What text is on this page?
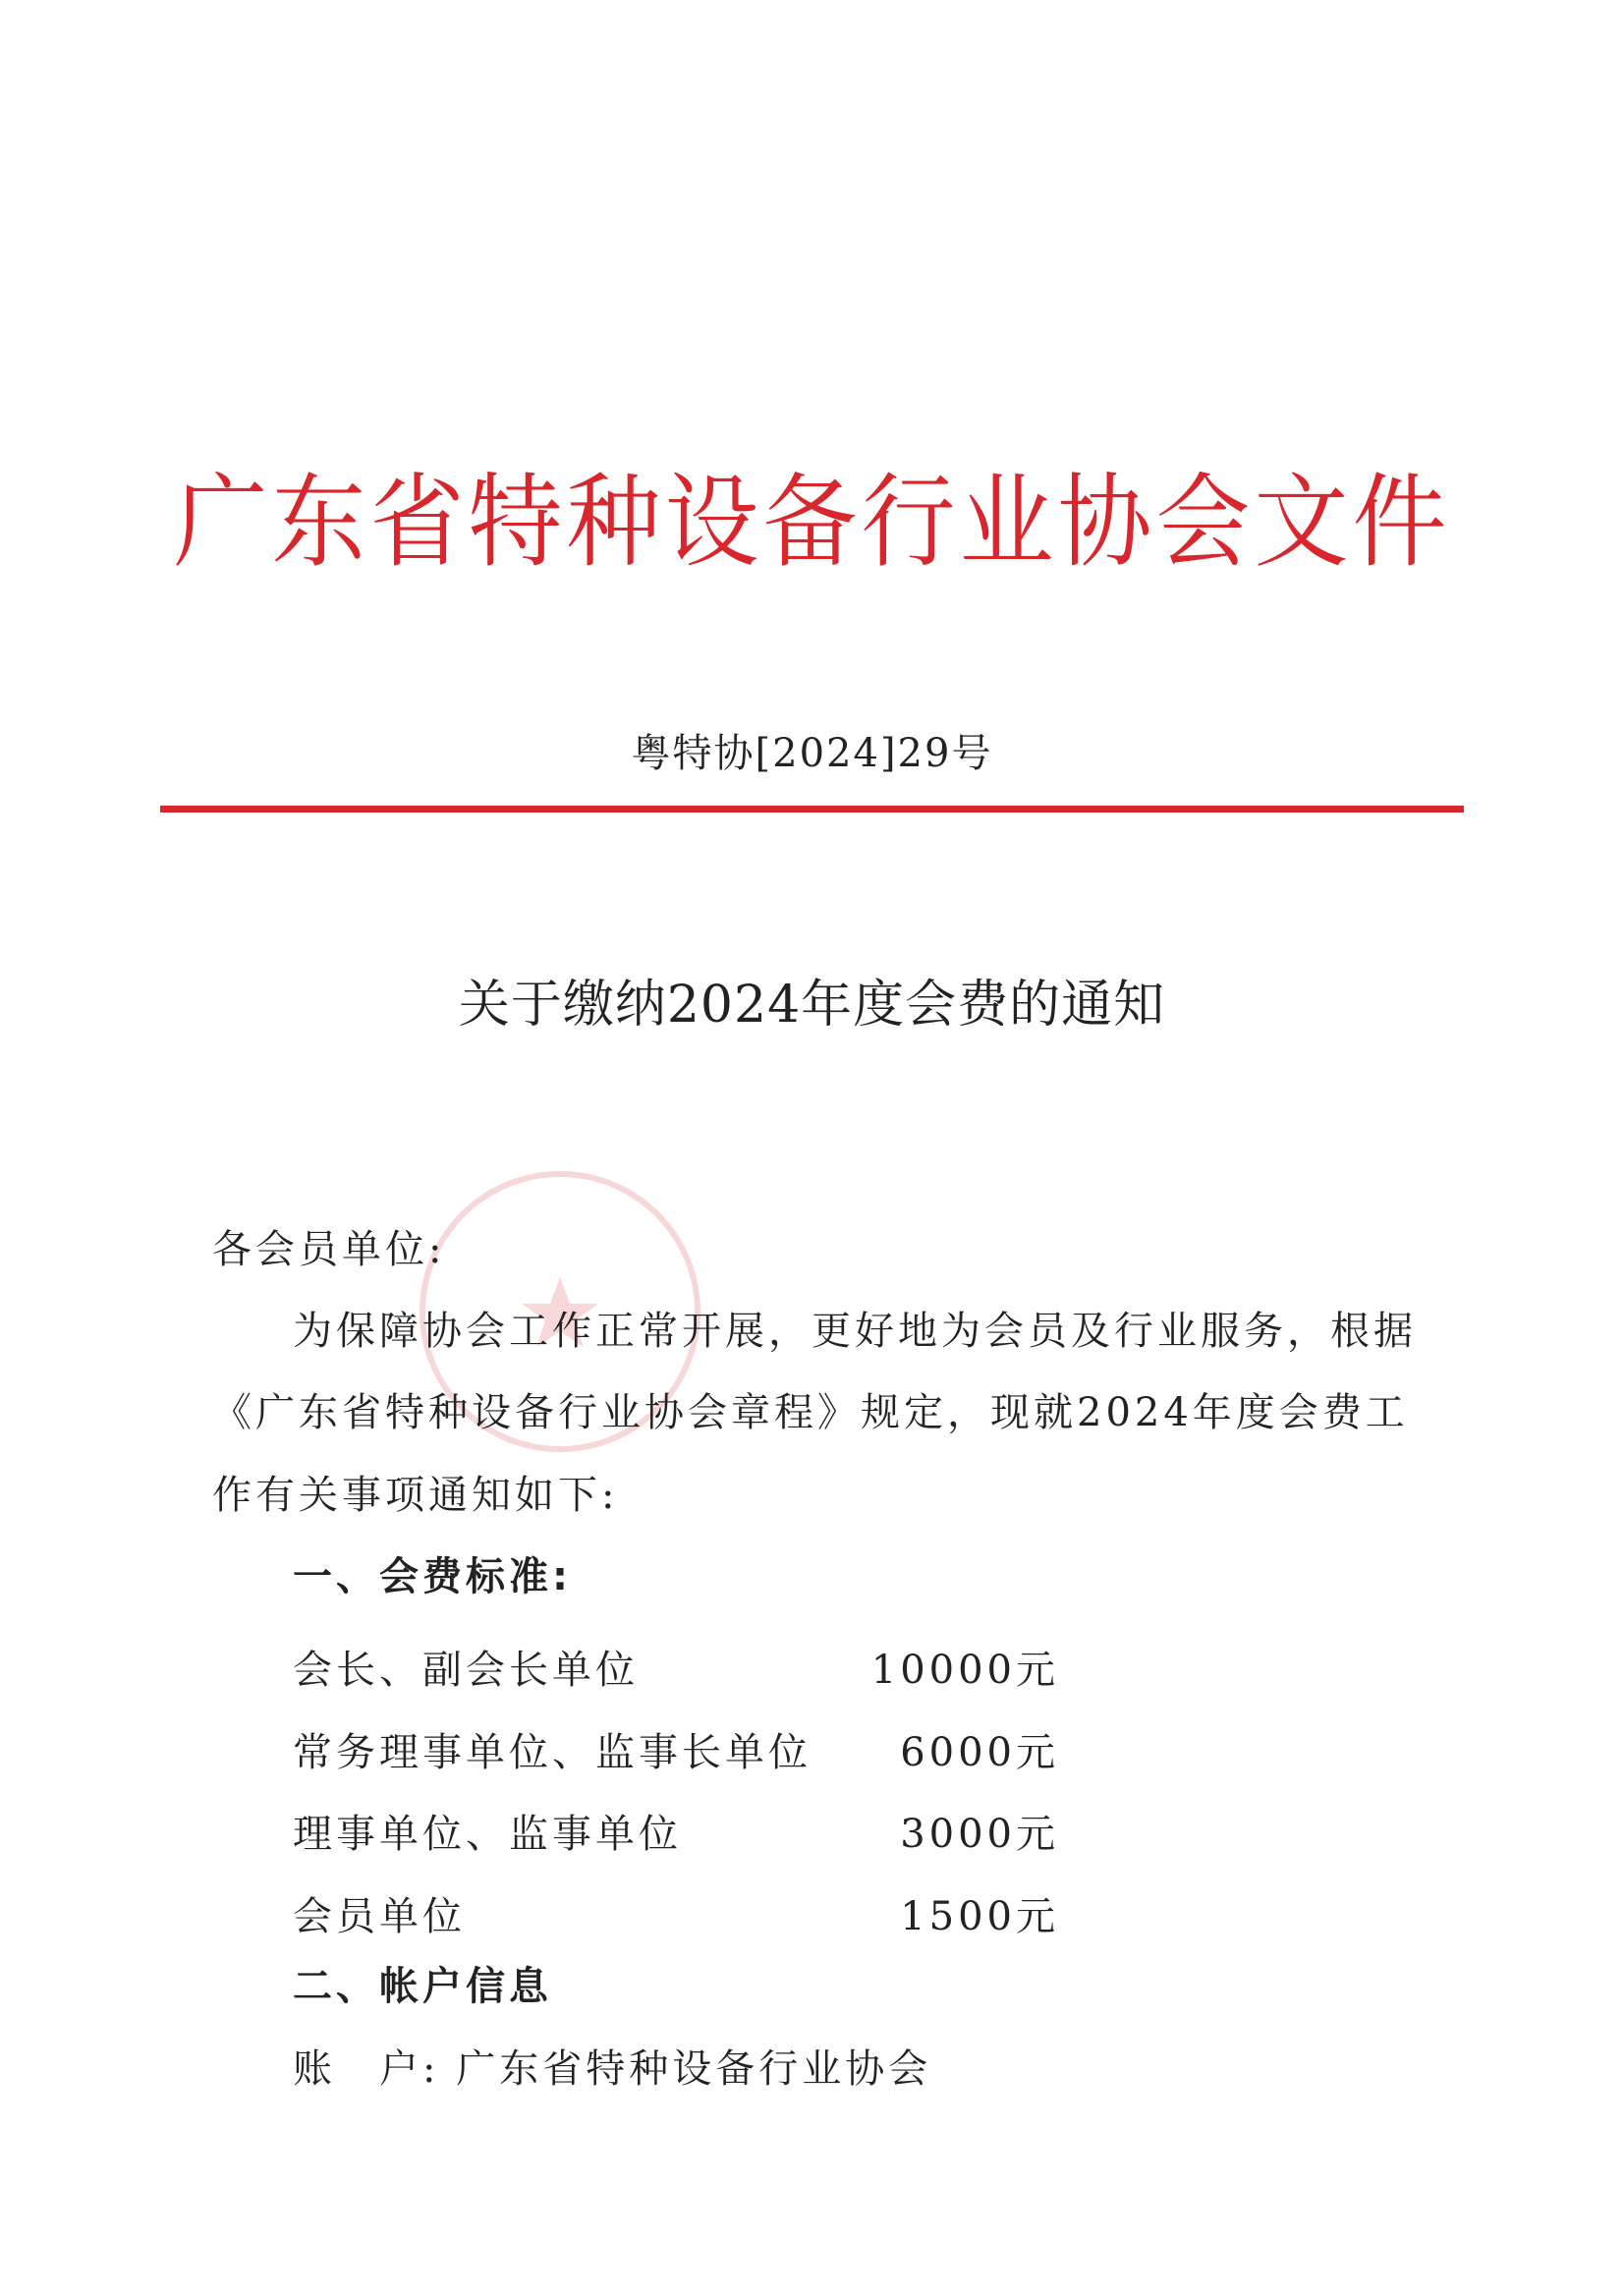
广东省特种设备行业协会文件
粤特协[2024]29号
关于缴纳2024年度会费的通知
各会员单位:
为保障协会工作正常开展，更好地为会员及行业服务，根据
《广东省特种设备行业协会章程》规定，现就2024年度会费工
作有关事项通知如下:
一、会费标准:
会长、副会长单位	10000元
常务理事单位、监事长单位 6000元
理事单位、监事单位	3000元
会员单位	1500元
二、帐户信息
账　户: 广东省特种设备行业协会
